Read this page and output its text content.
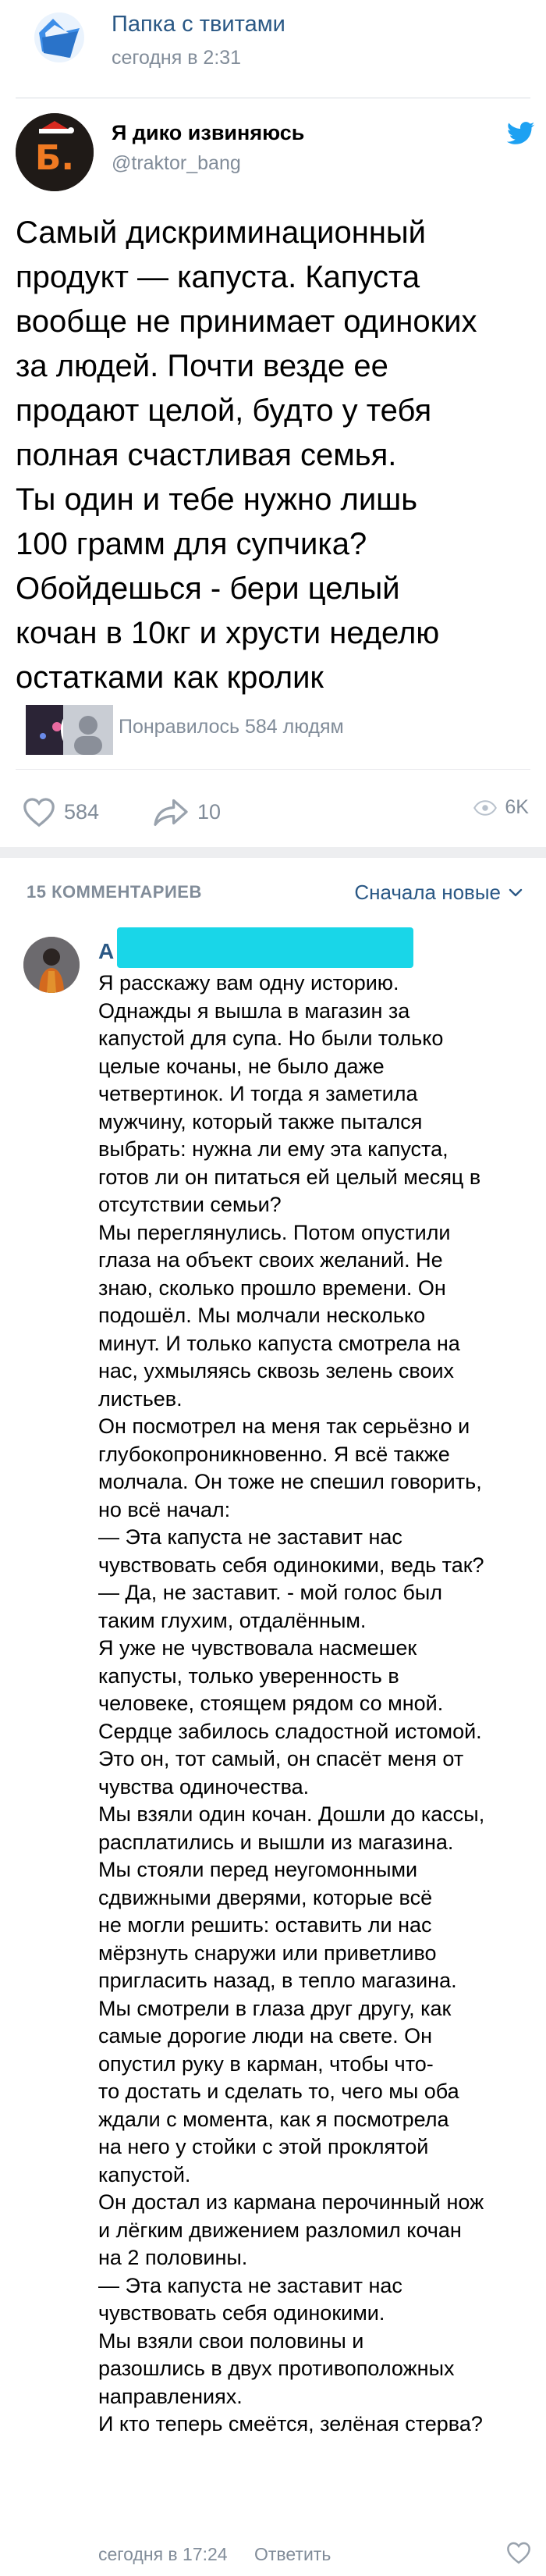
Папка с твитами
сегодня в 2:31
Б.
Я дико извиняюсь
@traktor_bang
Самый дискриминационный
продукт — капуста. Капуста
вообще не принимает одиноких
за людей. Почти везде ее
продают целой, будто у тебя
полная счастливая семья.
Ты один и тебе нужно лишь
100 грамм для супчика?
Обойдешься - бери целый
кочан в 10кг и хрусти неделю
остатками как кролик
Понравилось 584 людям
584	10	6K
15 КОММЕНТАРИЕВ	Сначала новые
А
Я расскажу вам одну историю.
Однажды я вышла в магазин за
капустой для супа. Но были только
целые кочаны, не было даже
четвертинок. И тогда я заметила
мужчину, который также пытался
выбрать: нужна ли ему эта капуста,
готов ли он питаться ей целый месяц в
отсутствии семьи?
Мы переглянулись. Потом опустили
глаза на объект своих желаний. Не
знаю, сколько прошло времени. Он
подошёл. Мы молчали несколько
минут. И только капуста смотрела на
нас, ухмыляясь сквозь зелень своих
листьев.
Он посмотрел на меня так серьёзно и
глубокопроникновенно. Я всё также
молчала. Он тоже не спешил говорить,
но всё начал:
— Эта капуста не заставит нас
чувствовать себя одинокими, ведь так?
— Да, не заставит. - мой голос был
таким глухим, отдалённым.
Я уже не чувствовала насмешек
капусты, только уверенность в
человеке, стоящем рядом со мной.
Сердце забилось сладостной истомой.
Это он, тот самый, он спасёт меня от
чувства одиночества.
Мы взяли один кочан. Дошли до кассы,
расплатились и вышли из магазина.
Мы стояли перед неугомонными
сдвижными дверями, которые всё
не могли решить: оставить ли нас
мёрзнуть снаружи или приветливо
пригласить назад, в тепло магазина.
Мы смотрели в глаза друг другу, как
самые дорогие люди на свете. Он
опустил руку в карман, чтобы что-
то достать и сделать то, чего мы оба
ждали с момента, как я посмотрела
на него у стойки с этой проклятой
капустой.
Он достал из кармана перочинный нож
и лёгким движением разломил кочан
на 2 половины.
— Эта капуста не заставит нас
чувствовать себя одинокими.
Мы взяли свои половины и
разошлись в двух противоположных
направлениях.
И кто теперь смеётся, зелёная стерва?
сегодня в 17:24 Ответить
